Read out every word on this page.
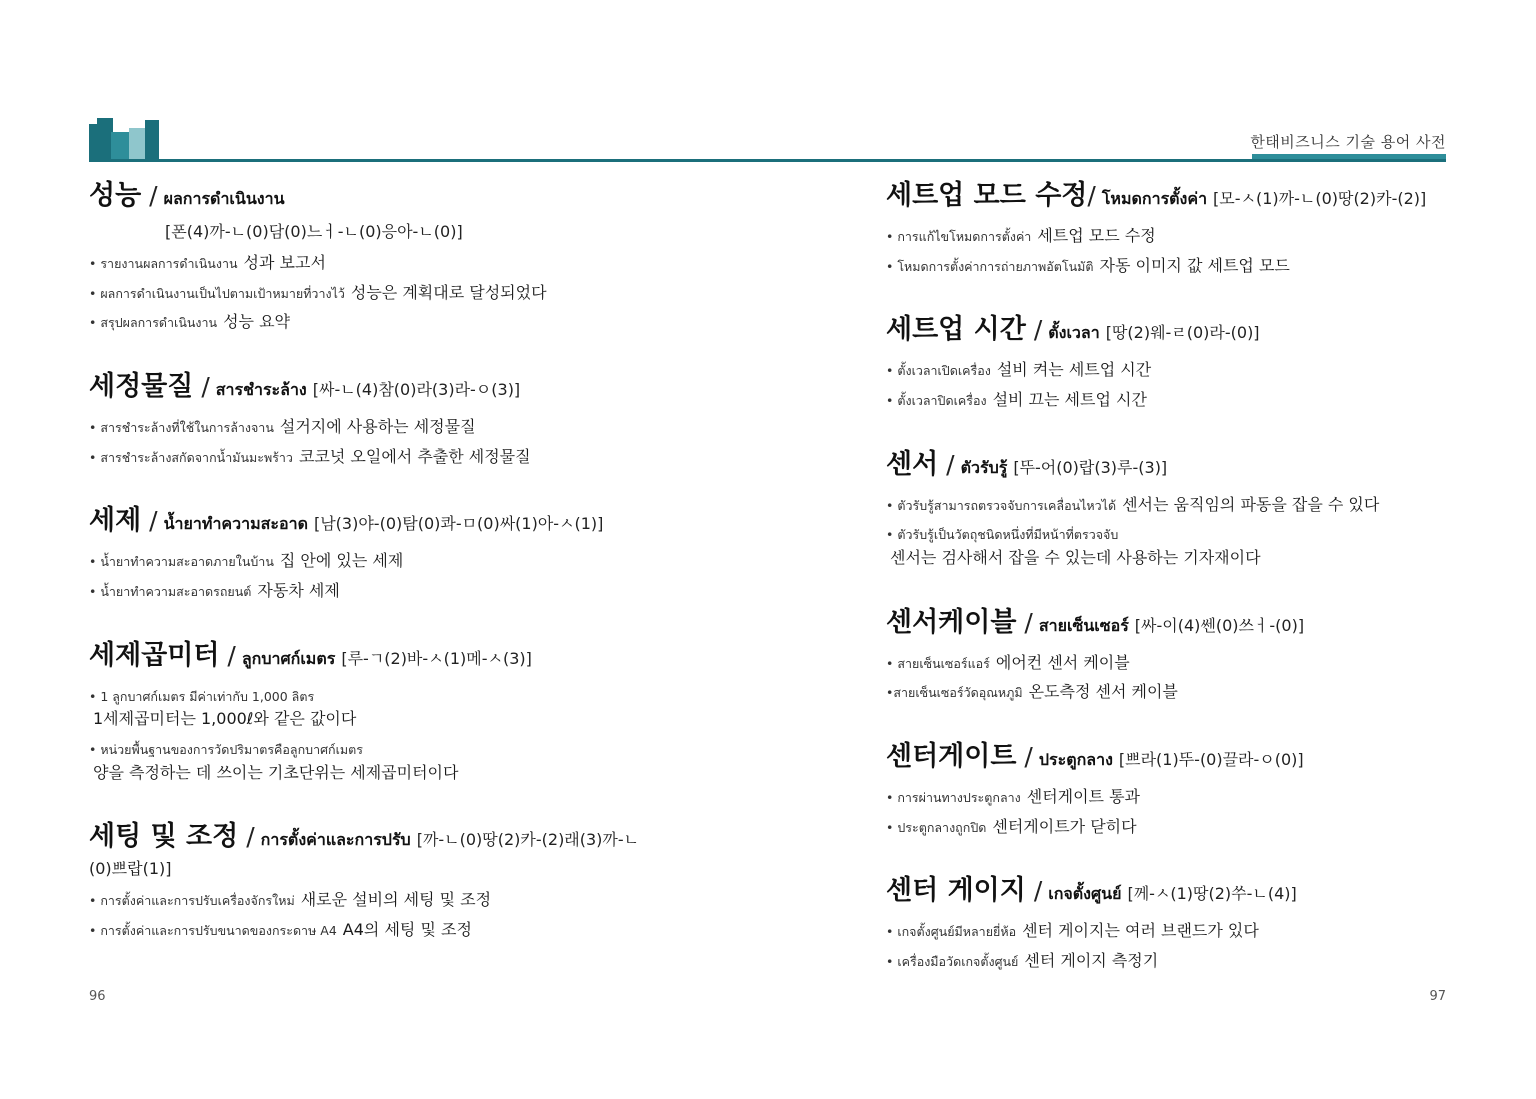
한태비즈니스 기술 용어 사전
성능 / ผลการดำเนินงาน
[폰(4)까-ㄴ(0)담(0)느ㅓ-ㄴ(0)응아-ㄴ(0)]
• รายงานผลการดำเนินงาน 성과 보고서
• ผลการดำเนินงานเป็นไปตามเป้าหมายที่วางไว้ 성능은 계획대로 달성되었다
• สรุปผลการดำเนินงาน 성능 요약
세정물질 / สารชำระล้าง [싸-ㄴ(4)참(0)라(3)라-ㅇ(3)]
• สารชำระล้างที่ใช้ในการล้างจาน 설거지에 사용하는 세정물질
• สารชำระล้างสกัดจากน้ำมันมะพร้าว 코코넛 오일에서 추출한 세정물질
세제 / น้ำยาทำความสะอาด [남(3)야-(0)탐(0)콰-ㅁ(0)싸(1)아-ㅅ(1)]
• น้ำยาทำความสะอาดภายในบ้าน 집 안에 있는 세제
• น้ำยาทำความสะอาดรถยนต์ 자동차 세제
세제곱미터 / ลูกบาศก์เมตร [루-ㄱ(2)바-ㅅ(1)메-ㅅ(3)]
• 1 ลูกบาศก์เมตร มีค่าเท่ากับ 1,000 ลิตร
1세제곱미터는 1,000ℓ와 같은 값이다
• หน่วยพื้นฐานของการวัดปริมาตรคือลูกบาศก์เมตร
양을 측정하는 데 쓰이는 기초단위는 세제곱미터이다
세팅 및 조정 / การตั้งค่าและการปรับ [까-ㄴ(0)땅(2)카-(2)래(3)까-ㄴ
(0)쁘랍(1)]
• การตั้งค่าและการปรับเครื่องจักรใหม่ 새로운 설비의 세팅 및 조정
• การตั้งค่าและการปรับขนาดของกระดาษ A4 A4의 세팅 및 조정
세트업 모드 수정/ โหมดการตั้งค่า [모-ㅅ(1)까-ㄴ(0)땅(2)카-(2)]
• การแก้ไขโหมดการตั้งค่า 세트업 모드 수정
• โหมดการตั้งค่าการถ่ายภาพอัตโนมัติ 자동 이미지 값 세트업 모드
세트업 시간 / ตั้งเวลา [땅(2)웨-ㄹ(0)라-(0)]
• ตั้งเวลาเปิดเครื่อง 설비 켜는 세트업 시간
• ตั้งเวลาปิดเครื่อง 설비 끄는 세트업 시간
센서 / ตัวรับรู้ [뚜-어(0)랍(3)루-(3)]
• ตัวรับรู้สามารถตรวจจับการเคลื่อนไหวได้ 센서는 움직임의 파동을 잡을 수 있다
• ตัวรับรู้เป็นวัตถุชนิดหนึ่งที่มีหน้าที่ตรวจจับ
센서는 검사해서 잡을 수 있는데 사용하는 기자재이다
센서케이블 / สายเซ็นเซอร์ [싸-이(4)쎈(0)쓰ㅓ-(0)]
• สายเซ็นเซอร์แอร์ 에어컨 센서 케이블
•สายเซ็นเซอร์วัดอุณหภูมิ 온도측정 센서 케이블
센터게이트 / ประตูกลาง [쁘라(1)뚜-(0)끌라-ㅇ(0)]
• การผ่านทางประตูกลาง 센터게이트 통과
• ประตูกลางถูกปิด 센터게이트가 닫히다
센터 게이지 / เกจตั้งศูนย์ [께-ㅅ(1)땅(2)쑤-ㄴ(4)]
• เกจตั้งศูนย์มีหลายยี่ห้อ 센터 게이지는 여러 브랜드가 있다
• เครื่องมือวัดเกจตั้งศูนย์ 센터 게이지 측정기
96	97
